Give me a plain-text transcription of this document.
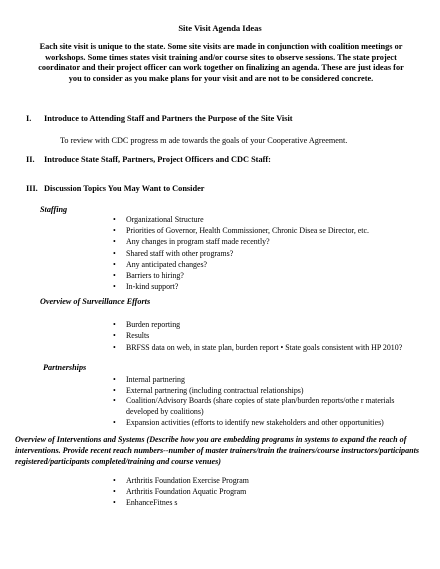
Site Visit Agenda Ideas
Each site visit is unique to the state. Some site visits are made in conjunction with coalition meetings or workshops. Some times states visit training and/or course sites to observe sessions. The state project coordinator and their project officer can work together on finalizing an agenda. These are just ideas for you to consider as you make plans for your visit and are not to be considered concrete.
I. Introduce to Attending Staff and Partners the Purpose of the Site Visit
To review with CDC progress m ade towards the goals of your Cooperative Agreement.
II. Introduce State Staff, Partners, Project Officers and CDC Staff:
III. Discussion Topics You May Want to Consider
Staffing
• Organizational Structure
• Priorities of Governor, Health Commissioner, Chronic Disea se Director, etc.
• Any changes in program staff made recently?
• Shared staff with other programs?
• Any anticipated changes?
• Barriers to hiring?
• In-kind support?
Overview of Surveillance Efforts
• Burden reporting
• Results
• BRFSS data on web, in state plan, burden report • State goals consistent with HP 2010?
Partnerships
• Internal partnering
• External partnering (including contractual relationships)
• Coalition/Advisory Boards (share copies of state plan/burden reports/othe r materials developed by coalitions)
• Expansion activities (efforts to identify new stakeholders and other opportunities)
Overview of Interventions and Systems (Describe how you are embedding programs in systems to expand the reach of interventions. Provide recent reach numbers--number of master trainers/train the trainers/course instructors/participants registered/participants completed/training and course venues)
• Arthritis Foundation Exercise Program
• Arthritis Foundation Aquatic Program
• EnhanceFitnes s
